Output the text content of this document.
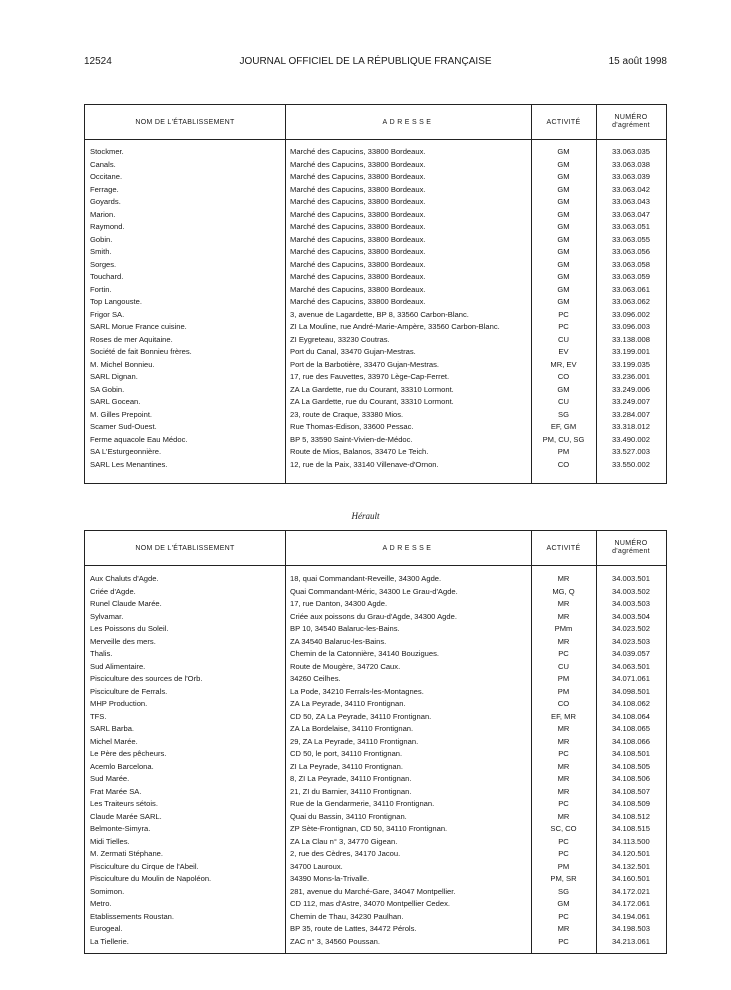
12524	JOURNAL OFFICIEL DE LA RÉPUBLIQUE FRANÇAISE	15 août 1998
NOM DE L'ÉTABLISSEMENT	ADRESSE	ACTIVITÉ
NUMÉRO
d'agrément
Stockmer.	Marché des Capucins, 33800 Bordeaux.	GM	33.063.035
Canals.	Marché des Capucins, 33800 Bordeaux.	GM	33.063.038
Occitane.	Marché des Capucins, 33800 Bordeaux.	GM	33.063.039
Ferrage.	Marché des Capucins, 33800 Bordeaux.	GM	33.063.042
Goyards.	Marché des Capucins, 33800 Bordeaux.	GM	33.063.043
Marion.	Marché des Capucins, 33800 Bordeaux.	GM	33.063.047
Raymond.	Marché des Capucins, 33800 Bordeaux.	GM	33.063.051
Gobin.	Marché des Capucins, 33800 Bordeaux.	GM	33.063.055
Smith.	Marché des Capucins, 33800 Bordeaux.	GM	33.063.056
Sorges.	Marché des Capucins, 33800 Bordeaux.	GM	33.063.058
Touchard.	Marché des Capucins, 33800 Bordeaux.	GM	33.063.059
Fortin.	Marché des Capucins, 33800 Bordeaux.	GM	33.063.061
Top Langouste.	Marché des Capucins, 33800 Bordeaux.	GM	33.063.062
Frigor SA.	3, avenue de Lagardette, BP 8, 33560 Carbon-Blanc.	PC	33.096.002
SARL Morue France cuisine.	ZI La Mouline, rue André-Marie-Ampère, 33560 Carbon-Blanc.	PC	33.096.003
Roses de mer Aquitaine.	ZI Eygreteau, 33230 Coutras.	CU	33.138.008
Société de fait Bonnieu frères.	Port du Canal, 33470 Gujan-Mestras.	EV	33.199.001
M. Michel Bonnieu.	Port de la Barbotière, 33470 Gujan-Mestras.	MR, EV	33.199.035
SARL Dignan.	17, rue des Fauvettes, 33970 Lège-Cap-Ferret.	CO	33.236.001
SA Gobin.	ZA La Gardette, rue du Courant, 33310 Lormont.	GM	33.249.006
SARL Gocean.	ZA La Gardette, rue du Courant, 33310 Lormont.	CU	33.249.007
M. Gilles Prepoint.	23, route de Craque, 33380 Mios.	SG	33.284.007
Scamer Sud-Ouest.	Rue Thomas-Edison, 33600 Pessac.	EF, GM	33.318.012
Ferme aquacole Eau Médoc.	BP 5, 33590 Saint-Vivien-de-Médoc.	PM, CU, SG	33.490.002
SA L'Esturgeonnière.	Route de Mios, Balanos, 33470 Le Teich.	PM	33.527.003
SARL Les Menantines.	12, rue de la Paix, 33140 Villenave-d'Ornon.	CO	33.550.002
Hérault
NOM DE L'ÉTABLISSEMENT	ADRESSE	ACTIVITÉ
NUMÉRO
d'agrément
Aux Chaluts d'Agde.	18, quai Commandant-Reveille, 34300 Agde.	MR	34.003.501
Criée d'Agde.	Quai Commandant-Méric, 34300 Le Grau-d'Agde.	MG, Q	34.003.502
Runel Claude Marée.	17, rue Danton, 34300 Agde.	MR	34.003.503
Sylvamar.	Criée aux poissons du Grau-d'Agde, 34300 Agde.	MR	34.003.504
Les Poissons du Soleil.	BP 10, 34540 Balaruc-les-Bains.	PMm	34.023.502
Merveille des mers.	ZA 34540 Balaruc-les-Bains.	MR	34.023.503
Thalis.	Chemin de la Catonnière, 34140 Bouzigues.	PC	34.039.057
Sud Alimentaire.	Route de Mougère, 34720 Caux.	CU	34.063.501
Pisciculture des sources de l'Orb.	34260 Ceilhes.	PM	34.071.061
Pisciculture de Ferrals.	La Pode, 34210 Ferrals-les-Montagnes.	PM	34.098.501
MHP Production.	ZA La Peyrade, 34110 Frontignan.	CO	34.108.062
TFS.	CD 50, ZA La Peyrade, 34110 Frontignan.	EF, MR	34.108.064
SARL Barba.	ZA La Bordelaise, 34110 Frontignan.	MR	34.108.065
Michel Marée.	29, ZA La Peyrade, 34110 Frontignan.	MR	34.108.066
Le Père des pêcheurs.	CD 50, le port, 34110 Frontignan.	PC	34.108.501
Acemlo Barcelona.	ZI La Peyrade, 34110 Frontignan.	MR	34.108.505
Sud Marée.	8, ZI La Peyrade, 34110 Frontignan.	MR	34.108.506
Frat Marée SA.	21, ZI du Barnier, 34110 Frontignan.	MR	34.108.507
Les Traiteurs sétois.	Rue de la Gendarmerie, 34110 Frontignan.	PC	34.108.509
Claude Marée SARL.	Quai du Bassin, 34110 Frontignan.	MR	34.108.512
Belmonte-Simyra.	ZP Sète-Frontignan, CD 50, 34110 Frontignan.	SC, CO	34.108.515
Midi Tielles.	ZA La Clau n° 3, 34770 Gigean.	PC	34.113.500
M. Zermati Stéphane.	2, rue des Cèdres, 34170 Jacou.	PC	34.120.501
Pisciculture du Cirque de l'Abeil.	34700 Lauroux.	PM	34.132.501
Pisciculture du Moulin de Napoléon.	34390 Mons-la-Trivalle.	PM, SR	34.160.501
Somimon.	281, avenue du Marché-Gare, 34047 Montpellier.	SG	34.172.021
Metro.	CD 112, mas d'Astre, 34070 Montpellier Cedex.	GM	34.172.061
Etablissements Roustan.	Chemin de Thau, 34230 Paulhan.	PC	34.194.061
Eurogeal.	BP 35, route de Lattes, 34472 Pérols.	MR	34.198.503
La Tiellerie.	ZAC n° 3, 34560 Poussan.	PC	34.213.061
